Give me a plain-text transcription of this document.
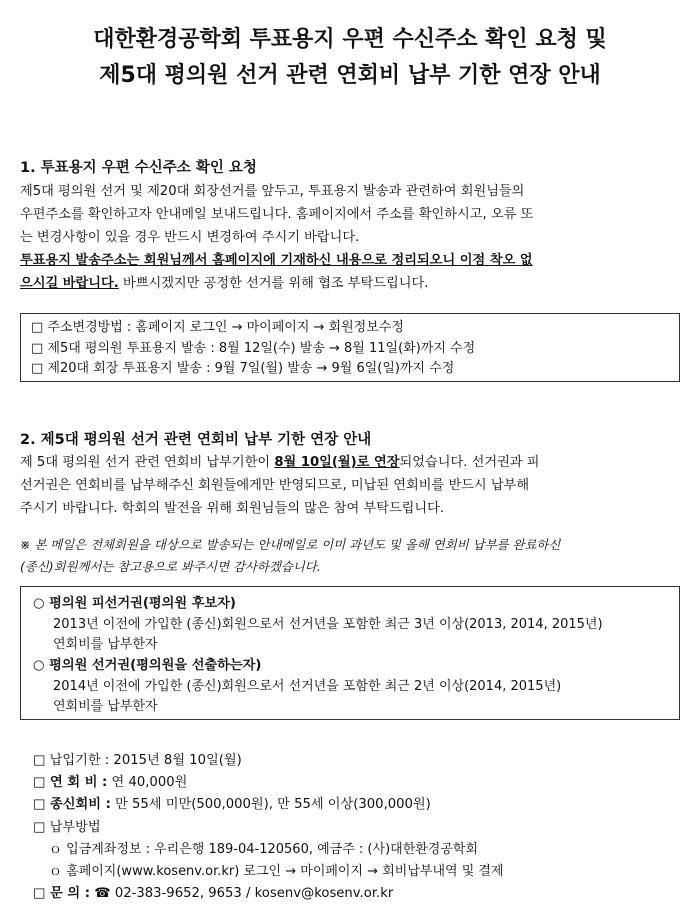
대한환경공학회 투표용지 우편 수신주소 확인 요청 및
제5대 평의원 선거 관련 연회비 납부 기한 연장 안내
1. 투표용지 우편 수신주소 확인 요청
제5대 평의원 선거 및 제20대 회장선거를 앞두고, 투표용지 발송과 관련하여 회원님들의
우편주소를 확인하고자 안내메일 보내드립니다. 홈페이지에서 주소를 확인하시고, 오류 또
는 변경사항이 있을 경우 반드시 변경하여 주시기 바랍니다.
투표용지 발송주소는 회원님께서 홈페이지에 기재하신 내용으로 정리되오니 이점 착오 없
으시길 바랍니다. 바쁘시겠지만 공정한 선거를 위해 협조 부탁드립니다.
□ 주소변경방법 : 홈페이지 로그인 → 마이페이지 → 회원정보수정
□ 제5대 평의원 투표용지 발송 : 8월 12일(수) 발송 → 8월 11일(화)까지 수정
□ 제20대 회장 투표용지 발송 : 9월 7일(월) 발송 → 9월 6일(일)까지 수정
2. 제5대 평의원 선거 관련 연회비 납부 기한 연장 안내
제 5대 평의원 선거 관련 연회비 납부기한이 8월 10일(월)로 연장되었습니다. 선거권과 피
선거권은 연회비를 납부해주신 회원들에게만 반영되므로, 미납된 연회비를 반드시 납부해
주시기 바랍니다. 학회의 발전을 위해 회원님들의 많은 참여 부탁드립니다.
※ 본 메일은 전체회원을 대상으로 발송되는 안내메일로 이미 과년도 및 올해 연회비 납부를 완료하신
(종신)회원께서는 참고용으로 봐주시면 감사하겠습니다.
○ 평의원 피선거권(평의원 후보자)
2013년 이전에 가입한 (종신)회원으로서 선거년을 포함한 최근 3년 이상(2013, 2014, 2015년)
연회비를 납부한자
○ 평의원 선거권(평의원을 선출하는자)
2014년 이전에 가입한 (종신)회원으로서 선거년을 포함한 최근 2년 이상(2014, 2015년)
연회비를 납부한자
□ 납입기한 : 2015년 8월 10일(월)
□ 연 회 비 : 연 40,000원
□ 종신회비 : 만 55세 미만(500,000원), 만 55세 이상(300,000원)
□ 납부방법
ｏ 입금계좌정보 : 우리은행 189-04-120560, 예금주 : (사)대한환경공학회
ｏ 홈페이지(www.kosenv.or.kr) 로그인 → 마이페이지 → 회비납부내역 및 결제
□ 문 의 : ☎ 02-383-9652, 9653 / kosenv@kosenv.or.kr
